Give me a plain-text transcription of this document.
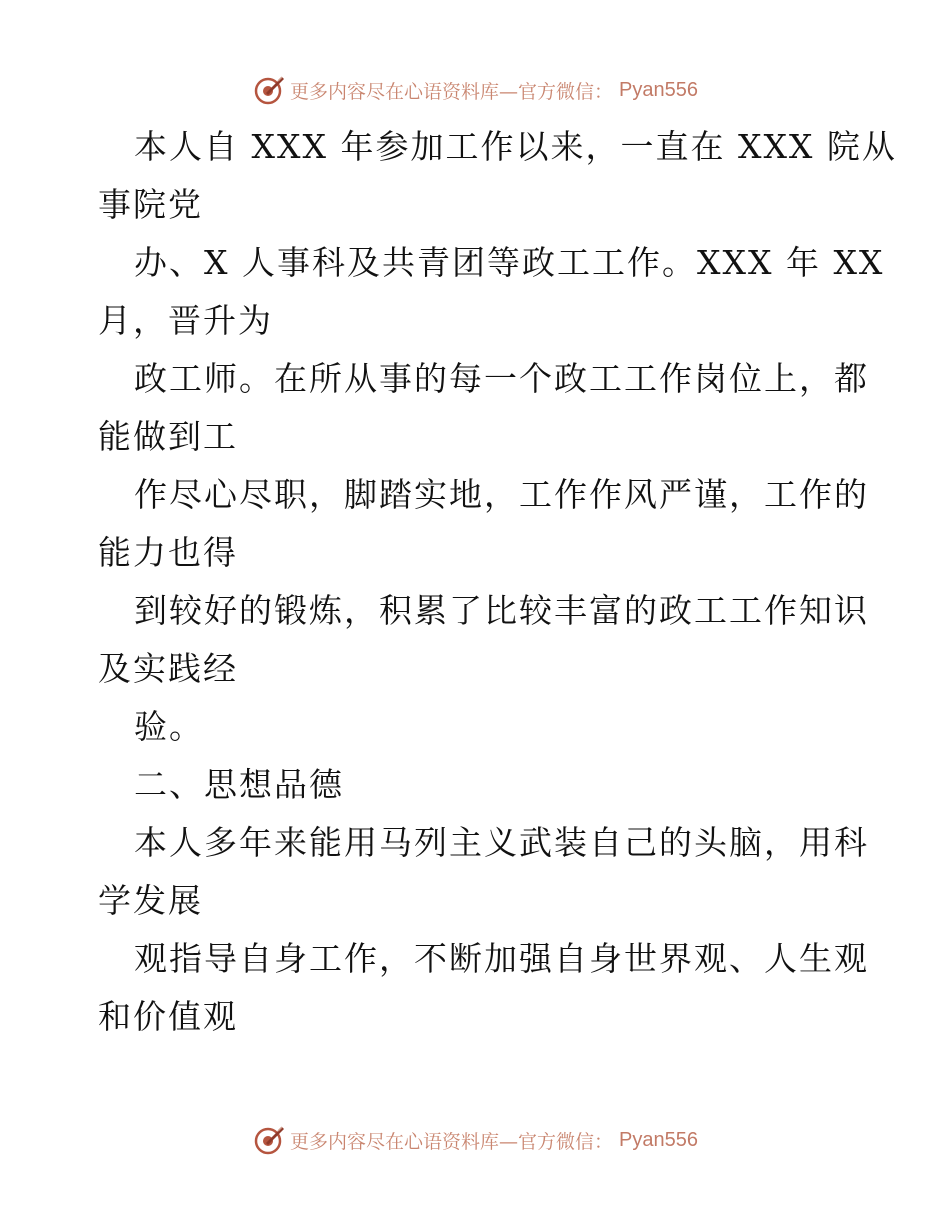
更多内容尽在心语资料库—官方微信： Pyan556
本人自 XXX 年参加工作以来，一直在 XXX 院从
事院党
办、X 人事科及共青团等政工工作。XXX 年 XX
月，晋升为
政工师。在所从事的每一个政工工作岗位上，都
能做到工
作尽心尽职，脚踏实地，工作作风严谨，工作的
能力也得
到较好的锻炼，积累了比较丰富的政工工作知识
及实践经
验。
二、思想品德
本人多年来能用马列主义武装自己的头脑，用科
学发展
观指导自身工作，不断加强自身世界观、人生观
和价值观
更多内容尽在心语资料库—官方微信： Pyan556
